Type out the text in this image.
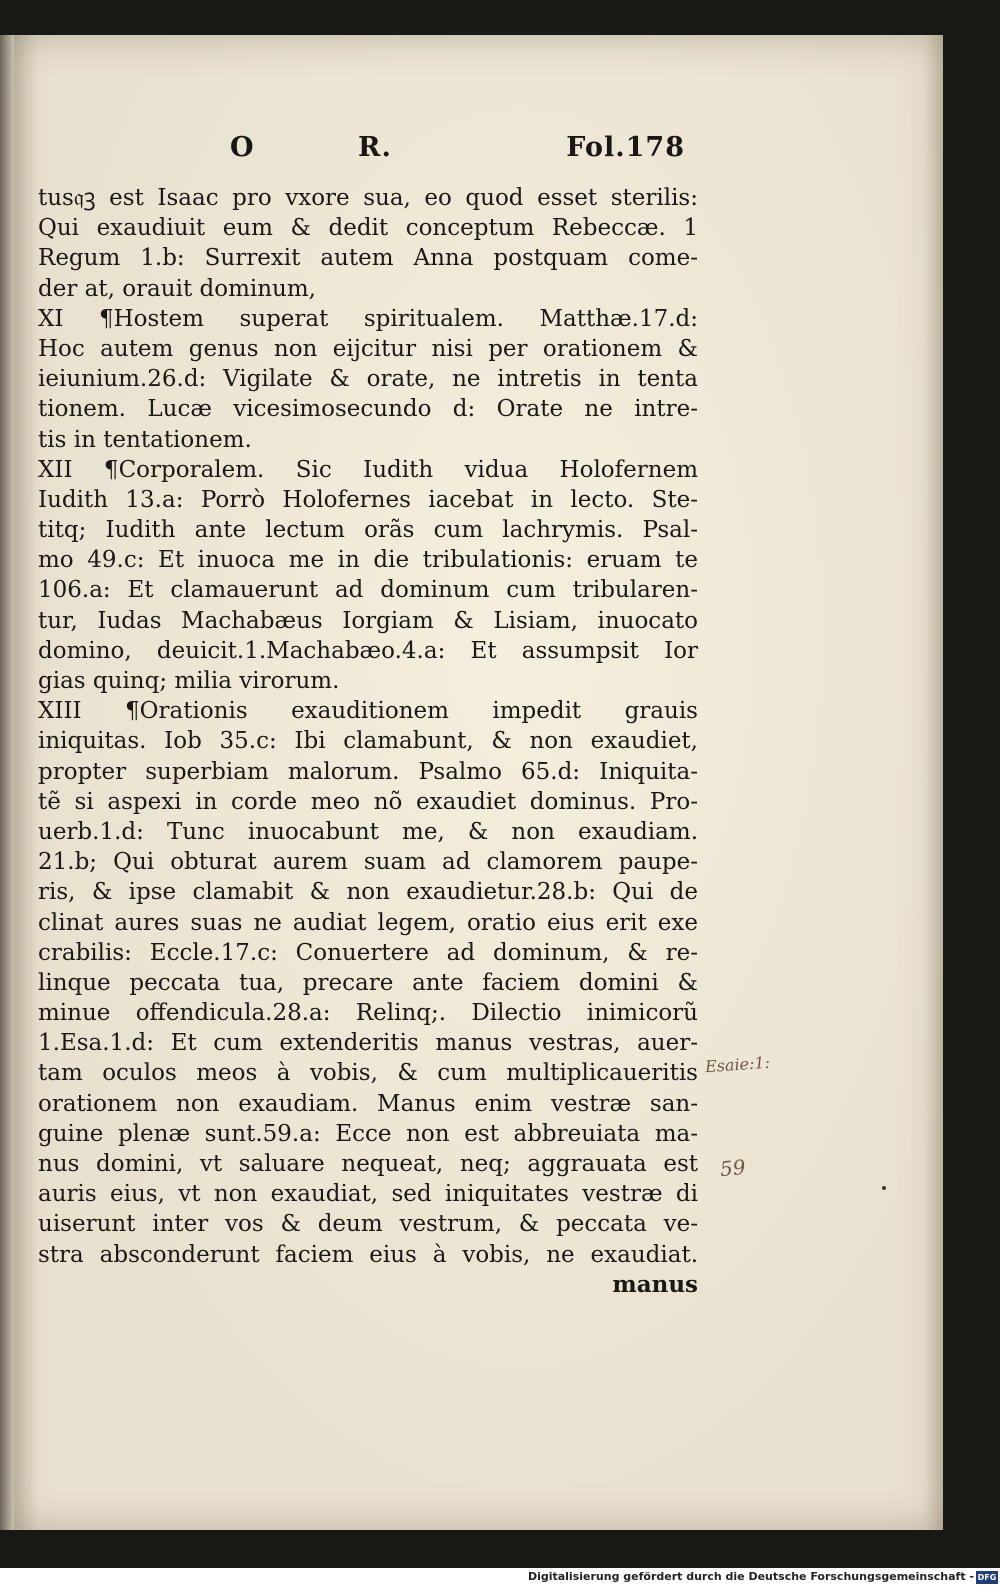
O	R.	Fol.178
tus𝔮ꝫ est Isaac pro vxore sua, eo quod esset sterilis:
Qui exaudiuit eum & dedit conceptum Rebeccæ. 1
Regum 1.b: Surrexit autem Anna postquam come-
der at, orauit dominum,
XI ¶Hostem superat spiritualem. Matthæ.17.d:
Hoc autem genus non eijcitur nisi per orationem &
ieiunium.26.d: Vigilate & orate, ne intretis in tenta
tionem. Lucæ vicesimosecundo d: Orate ne intre-
tis in tentationem.
XII ¶Corporalem. Sic Iudith vidua Holofernem
Iudith 13.a: Porrò Holofernes iacebat in lecto. Ste-
titq; Iudith ante lectum orãs cum lachrymis. Psal-
mo 49.c: Et inuoca me in die tribulationis: eruam te
106.a: Et clamauerunt ad dominum cum tribularen-
tur, Iudas Machabæus Iorgiam & Lisiam, inuocato
domino, deuicit.1.Machabæo.4.a: Et assumpsit Ior
gias quinq; milia virorum.
XIII ¶Orationis exauditionem impedit grauis
iniquitas. Iob 35.c: Ibi clamabunt, & non exaudiet,
propter superbiam malorum. Psalmo 65.d: Iniquita-
tẽ si aspexi in corde meo nõ exaudiet dominus. Pro-
uerb.1.d: Tunc inuocabunt me, & non exaudiam.
21.b; Qui obturat aurem suam ad clamorem paupe-
ris, & ipse clamabit & non exaudietur.28.b: Qui de
clinat aures suas ne audiat legem, oratio eius erit exe
crabilis: Eccle.17.c: Conuertere ad dominum, & re-
linque peccata tua, precare ante faciem domini &
minue offendicula.28.a: Relinq;. Dilectio inimicorũ
1.Esa.1.d: Et cum extenderitis manus vestras, auer-
tam oculos meos à vobis, & cum multiplicaueritis
orationem non exaudiam. Manus enim vestræ san-
guine plenæ sunt.59.a: Ecce non est abbreuiata ma-
nus domini, vt saluare nequeat, neq; aggrauata est
auris eius, vt non exaudiat, sed iniquitates vestræ di
uiserunt inter vos & deum vestrum, & peccata ve-
stra absconderunt faciem eius à vobis, ne exaudiat.
manus
Esaie:1:
59
Digitalisierung gefördert durch die Deutsche Forschungsgemeinschaft - DFG
